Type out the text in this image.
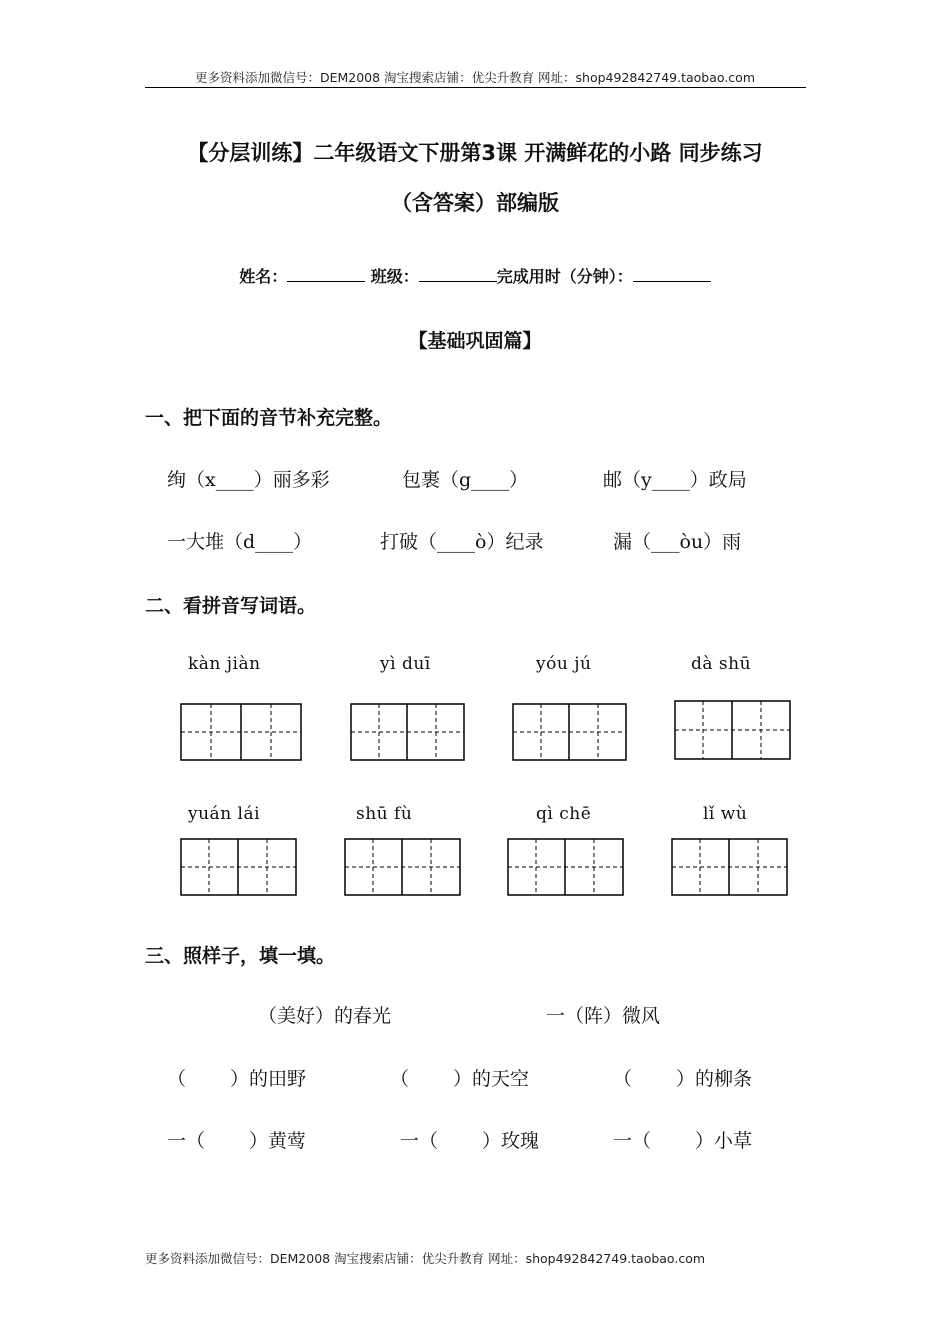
更多资料添加微信号：DEM2008 淘宝搜索店铺：优尖升教育 网址：shop492842749.taobao.com
【分层训练】二年级语文下册第3课 开满鲜花的小路 同步练习
（含答案）部编版
姓名：	班级：	完成用时（分钟）：
【基础巩固篇】
一、把下面的音节补充完整。
绚（x____）丽多彩	包裹（g____）	邮（y____）政局
一大堆（d____）	打破（____ò）纪录	漏（___òu）雨
二、看拼音写词语。
kàn jiàn	yì duī	yóu jú	dà shū
yuán lái	shū fù	qì chē	lǐ wù
三、照样子，填一填。
（美好）的春光	一（阵）微风
（　　 ）的田野	（　　 ）的天空	（　　 ）的柳条
一（　　 ）黄莺	一（　　 ）玫瑰	一（　　 ）小草
更多资料添加微信号：DEM2008 淘宝搜索店铺：优尖升教育 网址：shop492842749.taobao.com
